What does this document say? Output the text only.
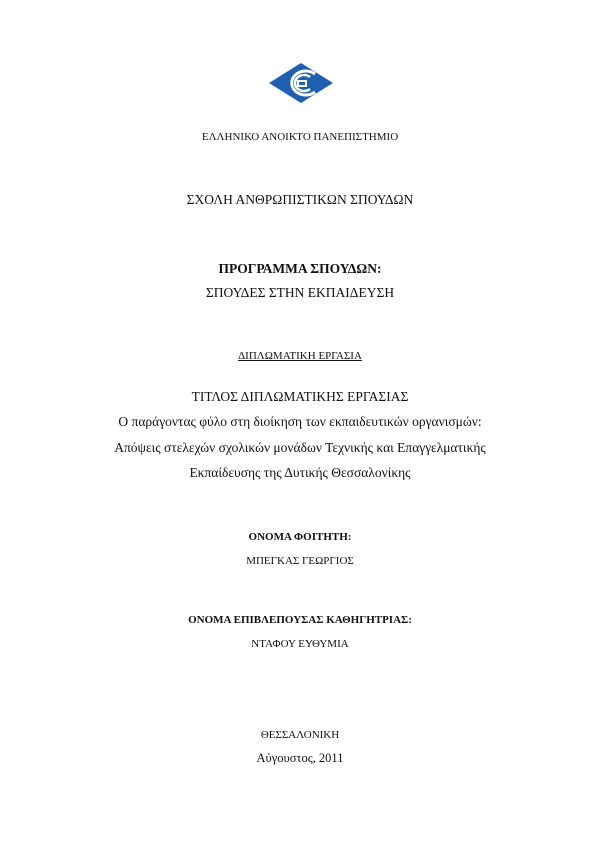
ΕΛΛΗΝΙΚΟ ΑΝΟΙΚΤΟ ΠΑΝΕΠΙΣΤΗΜΙΟ
ΣΧΟΛΗ ΑΝΘΡΩΠΙΣΤΙΚΩΝ ΣΠΟΥΔΩΝ
ΠΡΟΓΡΑΜΜΑ ΣΠΟΥΔΩΝ:
ΣΠΟΥΔΕΣ ΣΤΗΝ ΕΚΠΑΙΔΕΥΣΗ
ΔΙΠΛΩΜΑΤΙΚΗ ΕΡΓΑΣΙΑ
ΤΙΤΛΟΣ ΔΙΠΛΩΜΑΤΙΚΗΣ ΕΡΓΑΣΙΑΣ
Ο παράγοντας φύλο στη διοίκηση των εκπαιδευτικών οργανισμών:
Απόψεις στελεχών σχολικών μονάδων Τεχνικής και Επαγγελματικής
Εκπαίδευσης της Δυτικής Θεσσαλονίκης
ΟΝΟΜΑ ΦΟΙΤΗΤΗ:
ΜΠΕΓΚΑΣ ΓΕΩΡΓΙΟΣ
ΟΝΟΜΑ ΕΠΙΒΛΕΠΟΥΣΑΣ ΚΑΘΗΓΗΤΡΙΑΣ:
ΝΤΑΦΟΥ ΕΥΘΥΜΙΑ
ΘΕΣΣΑΛΟΝΙΚΗ
Αύγουστος, 2011
